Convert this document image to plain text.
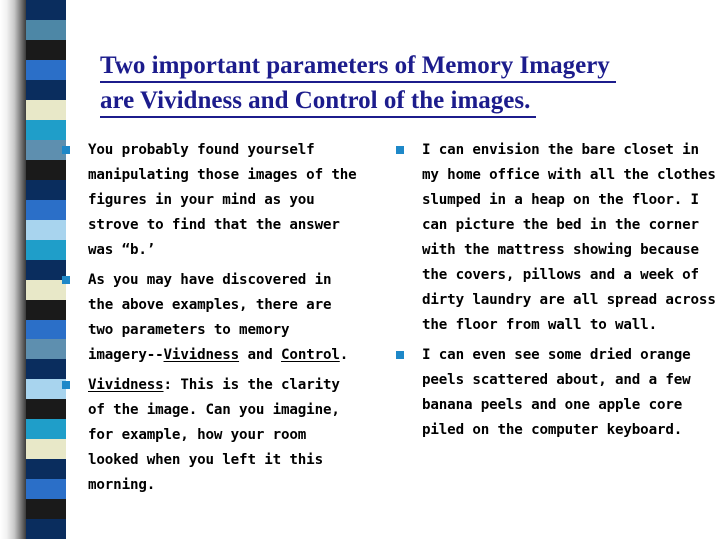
Two important parameters of Memory Imagery
are Vividness and Control of the images.
You probably found yourself manipulating those images of the figures in your mind as you strove to find that the answer was “b.’
As you may have discovered in the above examples, there are two parameters to memory imagery--Vividness and Control.
Vividness: This is the clarity of the image. Can you imagine, for example, how your room looked when you left it this morning.
I can envision the bare closet in my home office with all the clothes slumped in a heap on the floor. I can picture the bed in the corner with the mattress showing because the covers, pillows and a week of dirty laundry are all spread across the floor from wall to wall.
I can even see some dried orange peels scattered about, and a few banana peels and one apple core piled on the computer keyboard.
